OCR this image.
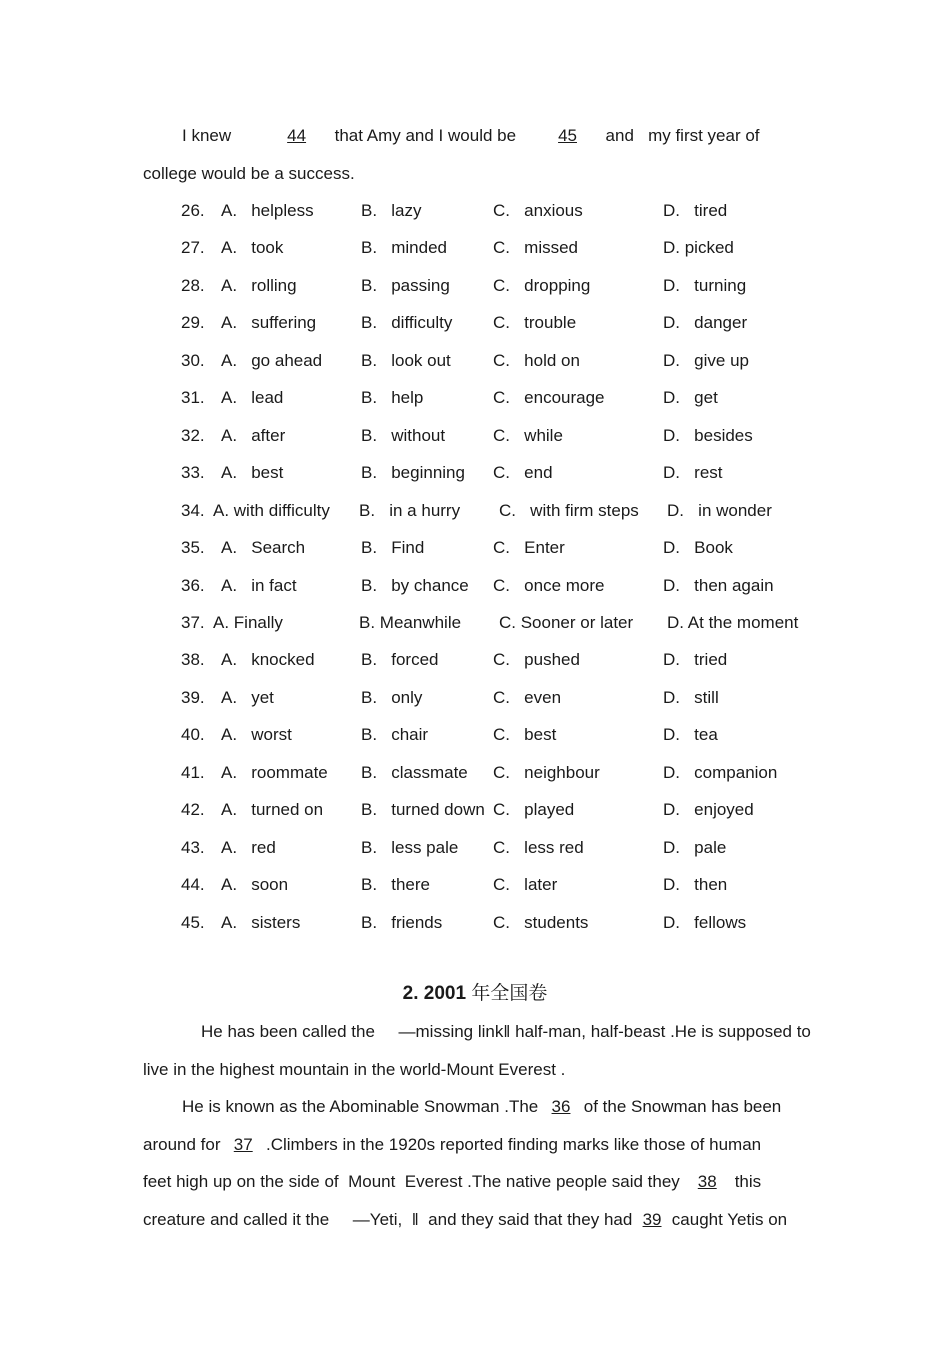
I knew	44 that Amy and I would be 45 and   my first year of
college would be a success.
26. A.   helpless	B.   lazy	C.   anxious	D.   tired
27. A.   took	B.   minded	C.   missed	D. picked
28. A.   rolling	B.   passing	C.   dropping	D.   turning
29. A.   suffering	B.   difficulty C.   trouble	D.   danger
30. A.   go ahead B.   look out C.   hold on	D.   give up
31. A.   lead	B.   help	C.   encourage	D.   get
32. A.   after	B.   without	C.   while	D.   besides
33. A.   best	B.   beginning C.   end	D.   rest
34. A. with difficulty B.   in a hurry C.   with firm steps D.   in wonder
35. A.   Search	B.   Find	C.   Enter	D.   Book
36. A.   in fact	B.   by chance C.   once more	D.   then again
37. A. Finally	B. Meanwhile C. Sooner or later D. At the moment
38. A.   knocked	B.   forced	C.   pushed	D.   tried
39. A.   yet	B.   only	C.   even	D.   still
40. A.   worst	B.   chair	C.   best	D.   tea
41. A.   roommate B.   classmate C.   neighbour	D.   companion
42. A.   turned on B.   turned down C.   played	D.   enjoyed
43. A.   red	B.   less pale C.   less red	D.   pale
44. A.   soon	B.   there	C.   later	D.   then
45. A.   sisters	B.   friends	C.   students	D.   fellows
2. 2001 年全国卷
He has been called the     —missing link‖ half-man, half-beast .He is supposed to
live in the highest mountain in the world-Mount Everest .
He is known as the Abominable Snowman .The 36 of the Snowman has been
around for 37 .Climbers in the 1920s reported finding marks like those of human
feet high up on the side of  Mount  Everest .The native people said they 38 this
creature and called it the     —Yeti,  ‖  and they said that they had 39 caught Yetis on
